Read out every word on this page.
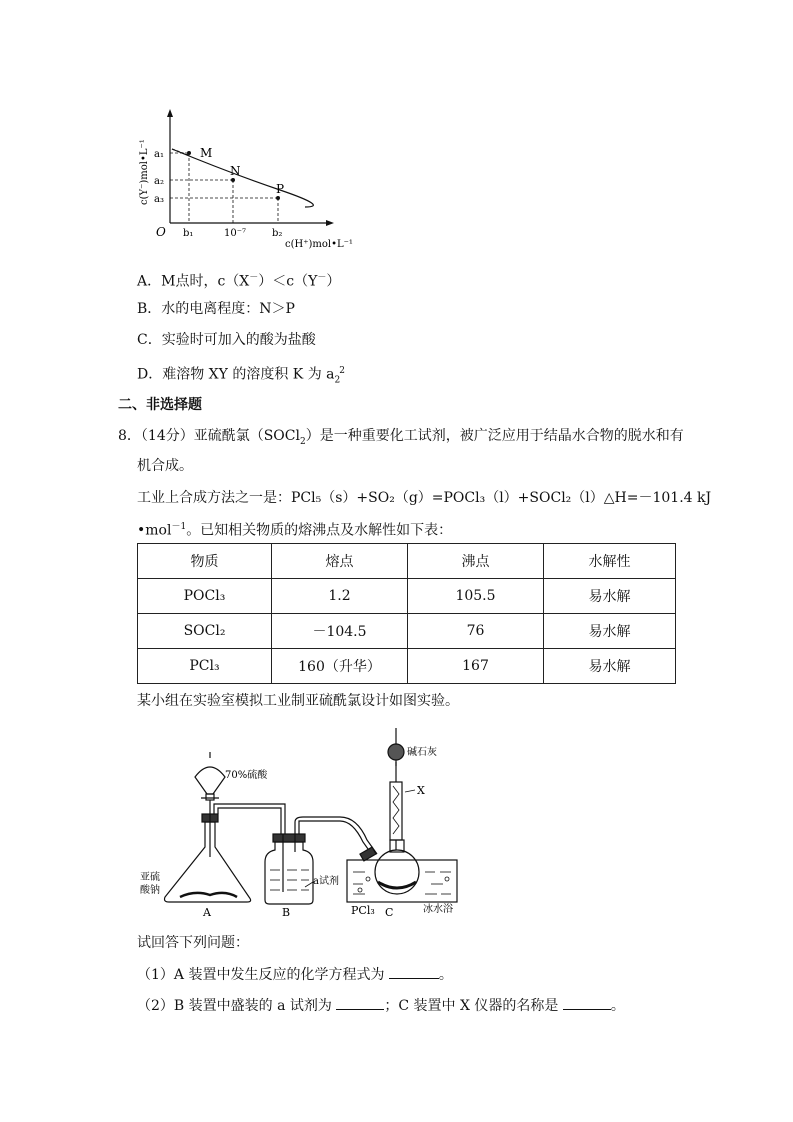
M
N
P
a₁
a₂
a₃
O b₁	10⁻⁷	b₂
c(H⁺)mol•L⁻¹
c(Y⁻)mol•L⁻¹
A．M点时，c（X－）＜c（Y－）
B．水的电离程度：N＞P
C．实验时可加入的酸为盐酸
D．难溶物 XY 的溶度积 K 为 $a_2^2$
二、非选择题
8．（14分）亚硫酰氯（SOCl$_2$）是一种重要化工试剂，被广泛应用于结晶水合物的脱水和有
机合成。
工业上合成方法之一是：PCl₅（s）+SO₂（g）=POCl₃（l）+SOCl₂（l）△H=－101.4 kJ
•mol$^{-1}$。已知相关物质的熔沸点及水解性如下表：
物质	熔点	沸点	水解性
POCl₃	1.2	105.5	易水解
SOCl₂	－104.5	76	易水解
PCl₃	160（升华）	167	易水解
某小组在实验室模拟工业制亚硫酰氯设计如图实验。
70%硫酸
亚硫
酸钠
A	B
a试剂
碱石灰
X
PCl₃ C	冰水浴
试回答下列问题：
（1）A 装置中发生反应的化学方程式为	。
（2）B 装置中盛装的 a 试剂为	；C 装置中 X 仪器的名称是	。
